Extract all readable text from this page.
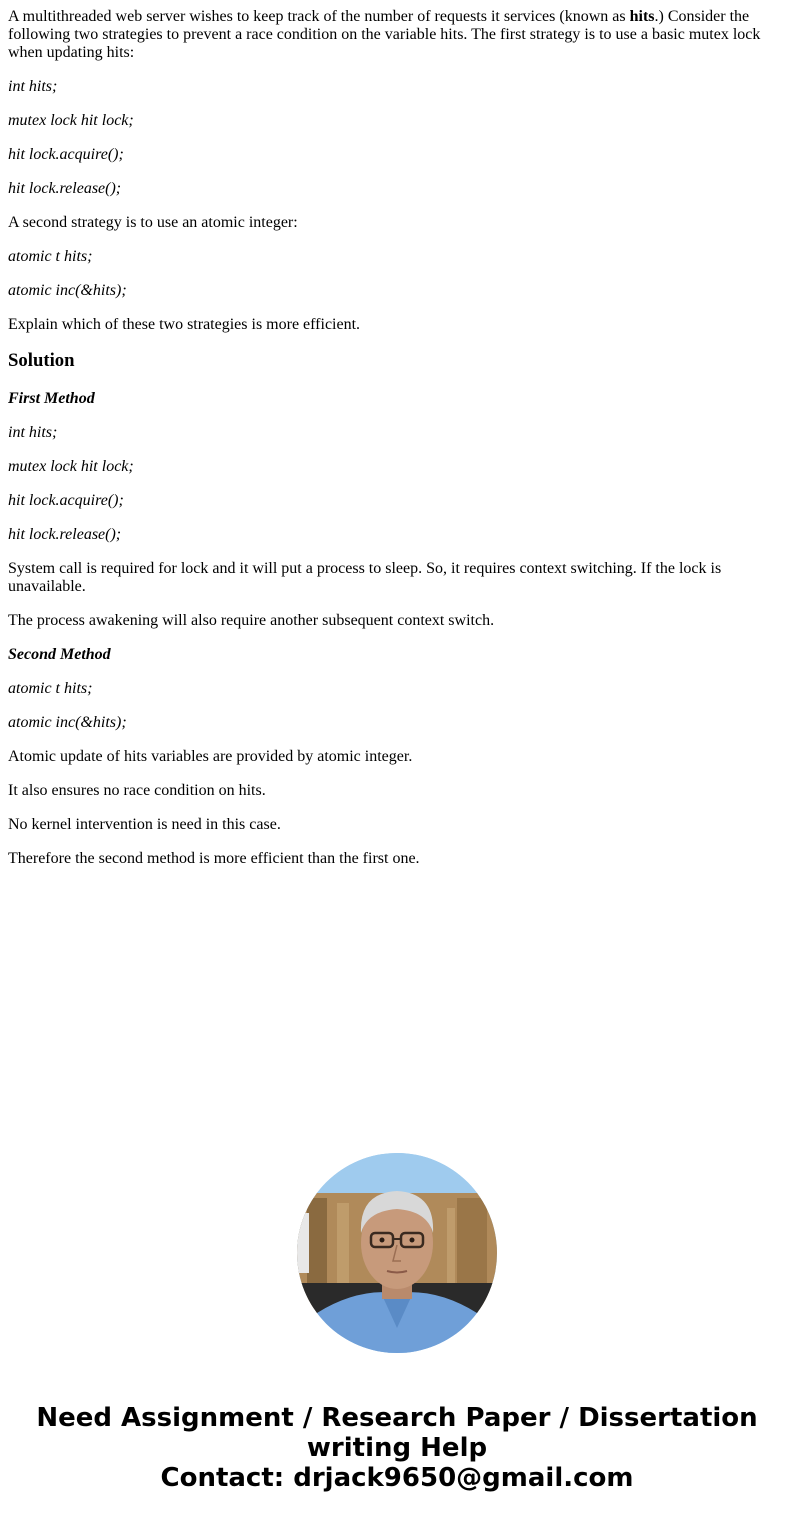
A multithreaded web server wishes to keep track of the number of requests it services (known as hits.) Consider the following two strategies to prevent a race condition on the variable hits. The first strategy is to use a basic mutex lock when updating hits:

int hits;

mutex lock hit lock;

hit lock.acquire();

hit lock.release();

A second strategy is to use an atomic integer:

atomic t hits;

atomic inc(&hits);

Explain which of these two strategies is more efficient.

Solution

First Method

int hits;

mutex lock hit lock;

hit lock.acquire();

hit lock.release();

System call is required for lock and it will put a process to sleep. So, it requires context switching. If the lock is unavailable.

The process awakening will also require another subsequent context switch.

Second Method

atomic t hits;

atomic inc(&hits);

Atomic update of hits variables are provided by atomic integer.

It also ensures no race condition on hits.

No kernel intervention is need in this case.

Therefore the second method is more efficient than the first one.

Need Assignment / Research Paper / Dissertation
writing Help
Contact: drjack9650@gmail.com
